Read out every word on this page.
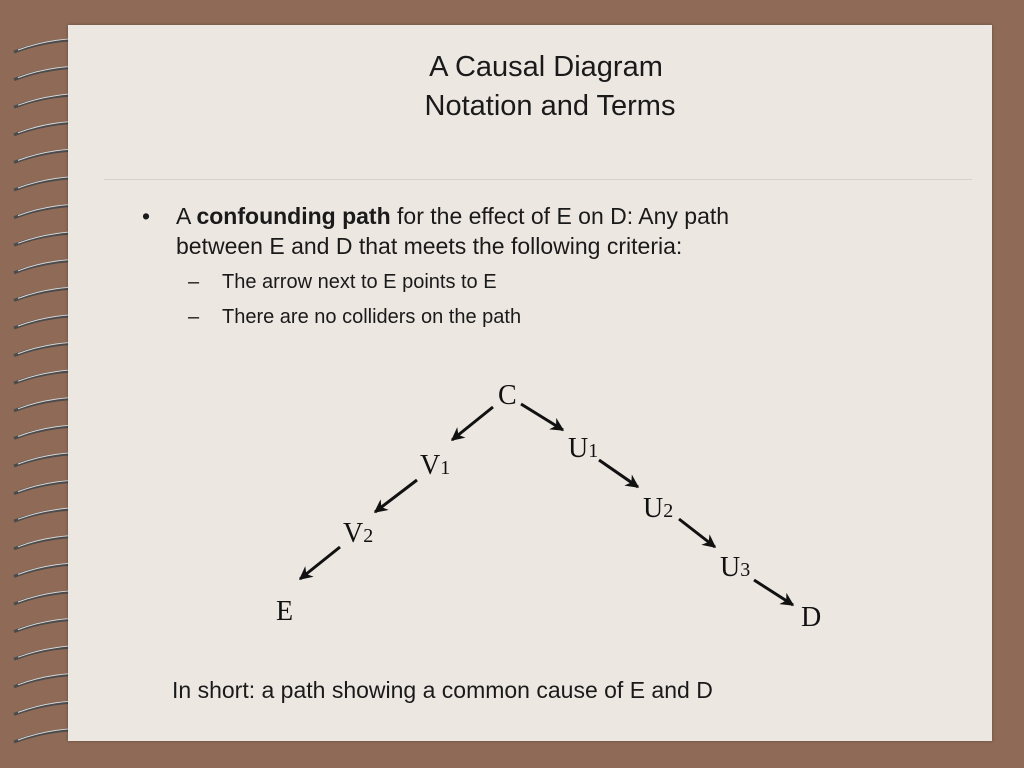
A Causal Diagram
Notation and Terms
• A confounding path for the effect of E on D: Any path
between E and D that meets the following criteria:
– The arrow next to E points to E
– There are no colliders on the path
C
V1
V2
E
U1
U2
U3
D
In short: a path showing a common cause of E and D
